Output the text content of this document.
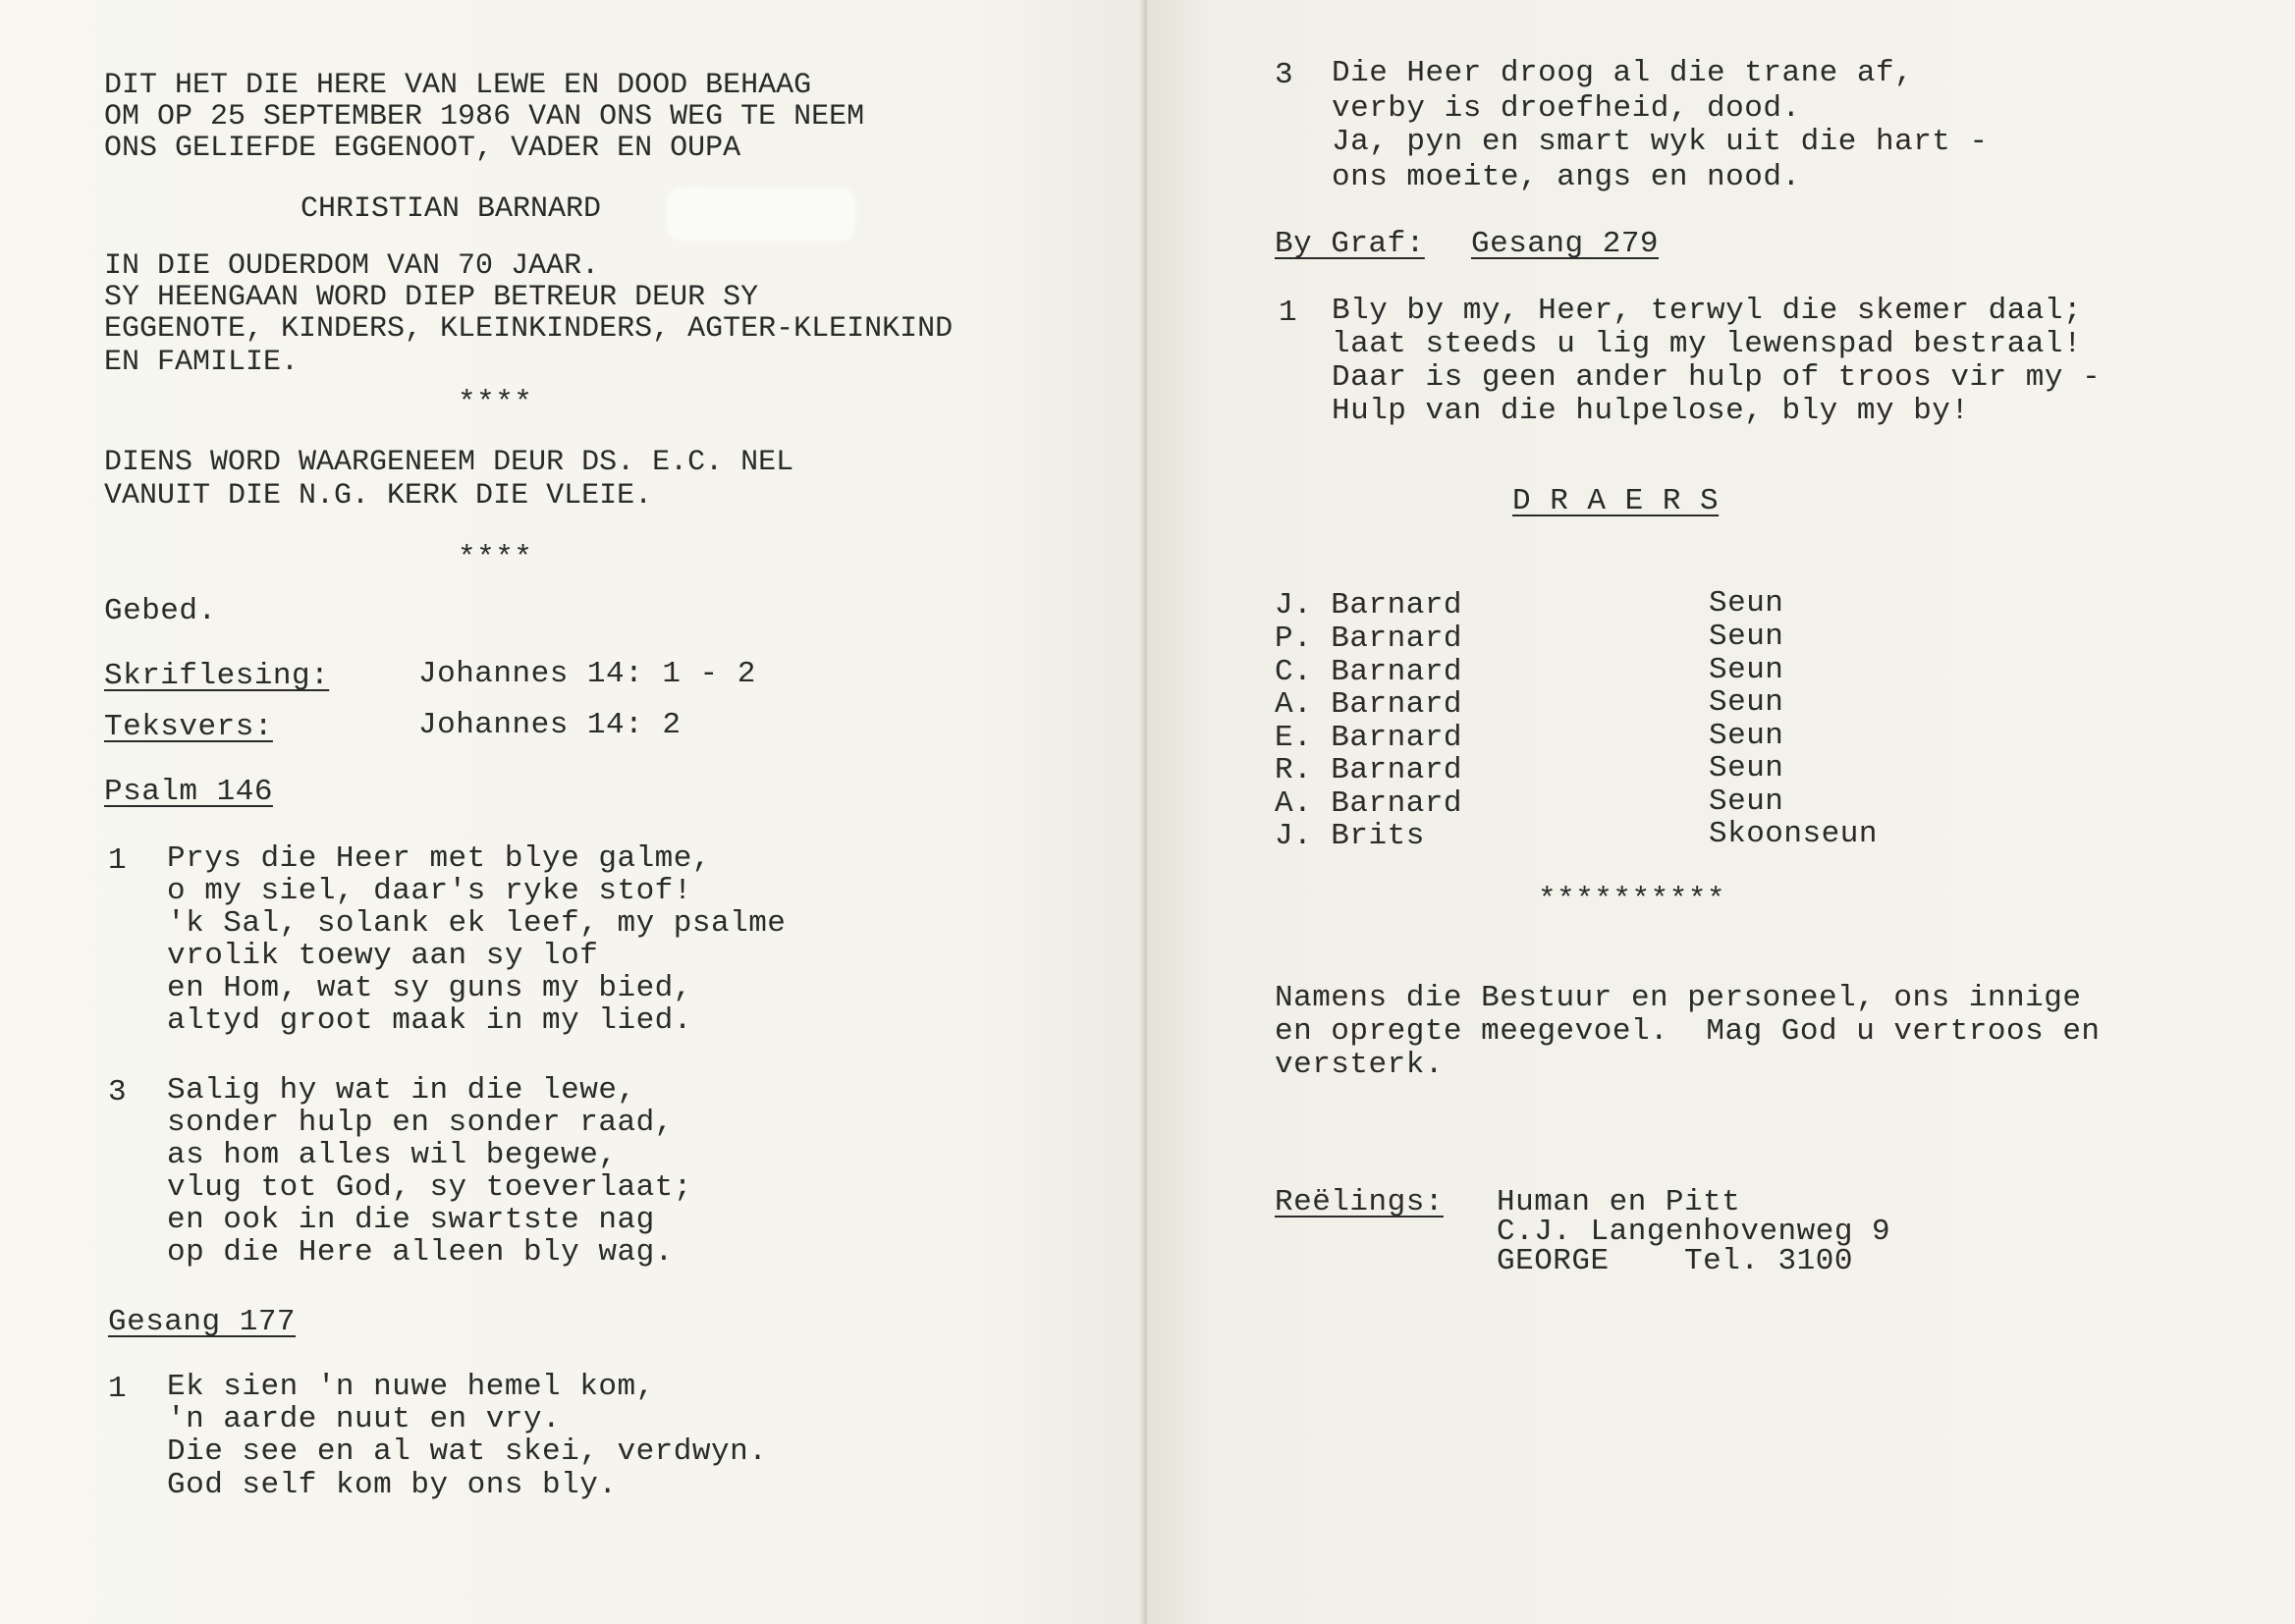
DIT HET DIE HERE VAN LEWE EN DOOD BEHAAG
OM OP 25 SEPTEMBER 1986 VAN ONS WEG TE NEEM
ONS GELIEFDE EGGENOOT, VADER EN OUPA
CHRISTIAN BARNARD
IN DIE OUDERDOM VAN 70 JAAR.
SY HEENGAAN WORD DIEP BETREUR DEUR SY
EGGENOTE, KINDERS, KLEINKINDERS, AGTER-KLEINKIND
EN FAMILIE.
****
DIENS WORD WAARGENEEM DEUR DS. E.C. NEL
VANUIT DIE N.G. KERK DIE VLEIE.
****
Gebed.
Skriflesing:	Johannes 14: 1 - 2
Teksvers:	Johannes 14: 2
Psalm 146
1 Prys die Heer met blye galme,
o my siel, daar's ryke stof!
'k Sal, solank ek leef, my psalme
vrolik toewy aan sy lof
en Hom, wat sy guns my bied,
altyd groot maak in my lied.
3 Salig hy wat in die lewe,
sonder hulp en sonder raad,
as hom alles wil begewe,
vlug tot God, sy toeverlaat;
en ook in die swartste nag
op die Here alleen bly wag.
Gesang 177
1 Ek sien 'n nuwe hemel kom,
'n aarde nuut en vry.
Die see en al wat skei, verdwyn.
God self kom by ons bly.
3 Die Heer droog al die trane af,
verby is droefheid, dood.
Ja, pyn en smart wyk uit die hart -
ons moeite, angs en nood.
By Graf: Gesang 279
1 Bly by my, Heer, terwyl die skemer daal;
laat steeds u lig my lewenspad bestraal!
Daar is geen ander hulp of troos vir my -
Hulp van die hulpelose, bly my by!
D R A E R S
J. Barnard	Seun
P. Barnard	Seun
C. Barnard	Seun
A. Barnard	Seun
E. Barnard	Seun
R. Barnard	Seun
A. Barnard	Seun
J. Brits	Skoonseun
**********
Namens die Bestuur en personeel, ons innige
en opregte meegevoel.  Mag God u vertroos en
versterk.
Reëlings: Human en Pitt
C.J. Langenhovenweg 9
GEORGE    Tel. 3100
